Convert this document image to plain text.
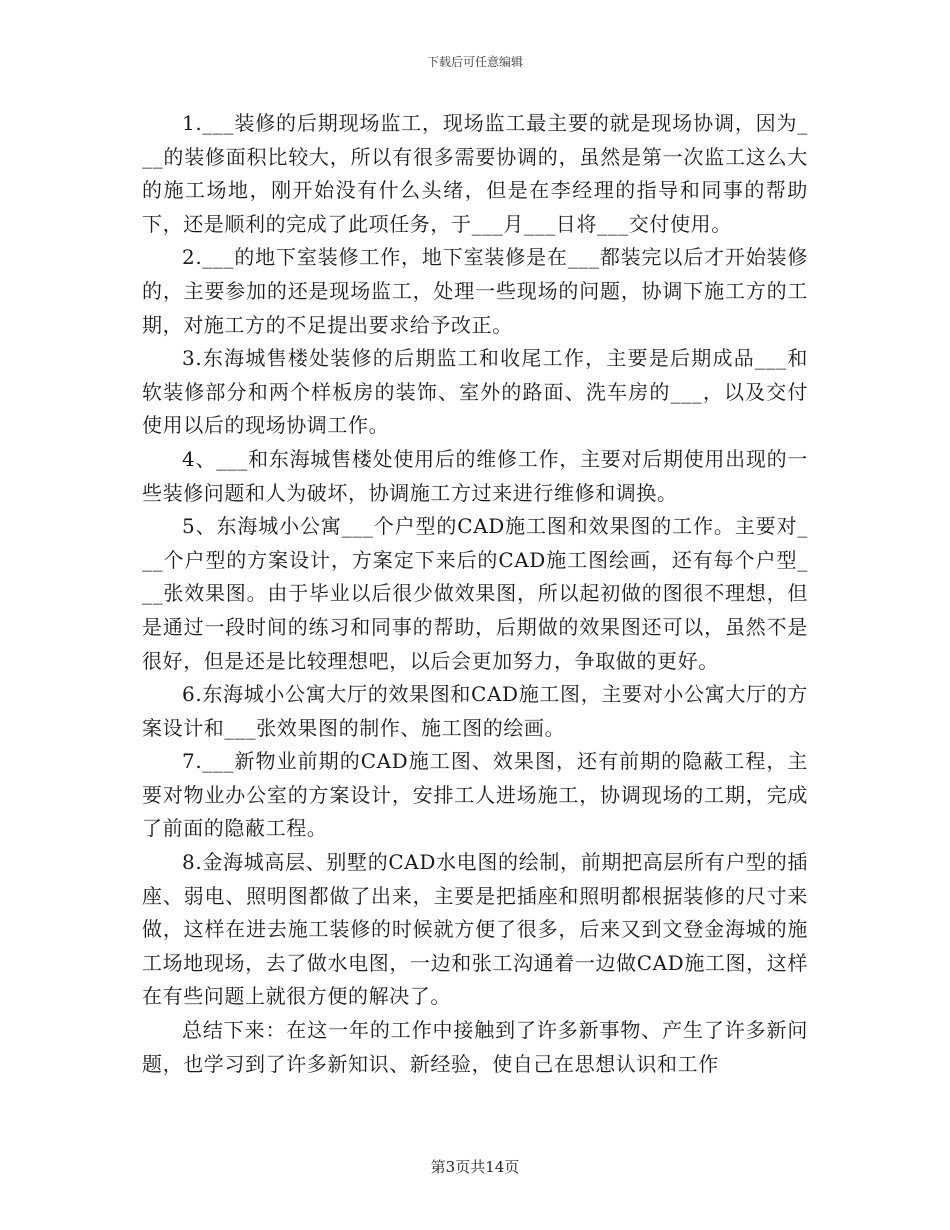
下载后可任意编辑

1.___装修的后期现场监工，现场监工最主要的就是现场协调，因为___的装修面积比较大，所以有很多需要协调的，虽然是第一次监工这么大的施工场地，刚开始没有什么头绪，但是在李经理的指导和同事的帮助下，还是顺利的完成了此项任务，于___月___日将___交付使用。

2.___的地下室装修工作，地下室装修是在___都装完以后才开始装修的，主要参加的还是现场监工，处理一些现场的问题，协调下施工方的工期，对施工方的不足提出要求给予改正。

3.东海城售楼处装修的后期监工和收尾工作，主要是后期成品___和软装修部分和两个样板房的装饰、室外的路面、洗车房的___，以及交付使用以后的现场协调工作。

4、___和东海城售楼处使用后的维修工作，主要对后期使用出现的一些装修问题和人为破坏，协调施工方过来进行维修和调换。

5、东海城小公寓___个户型的CAD施工图和效果图的工作。主要对___个户型的方案设计，方案定下来后的CAD施工图绘画，还有每个户型___张效果图。由于毕业以后很少做效果图，所以起初做的图很不理想，但是通过一段时间的练习和同事的帮助，后期做的效果图还可以，虽然不是很好，但是还是比较理想吧，以后会更加努力，争取做的更好。

6.东海城小公寓大厅的效果图和CAD施工图，主要对小公寓大厅的方案设计和___张效果图的制作、施工图的绘画。

7.___新物业前期的CAD施工图、效果图，还有前期的隐蔽工程，主要对物业办公室的方案设计，安排工人进场施工，协调现场的工期，完成了前面的隐蔽工程。

8.金海城高层、别墅的CAD水电图的绘制，前期把高层所有户型的插座、弱电、照明图都做了出来，主要是把插座和照明都根据装修的尺寸来做，这样在进去施工装修的时候就方便了很多，后来又到文登金海城的施工场地现场，去了做水电图，一边和张工沟通着一边做CAD施工图，这样在有些问题上就很方便的解决了。

总结下来：在这一年的工作中接触到了许多新事物、产生了许多新问题，也学习到了许多新知识、新经验，使自己在思想认识和工作

第3页共14页
